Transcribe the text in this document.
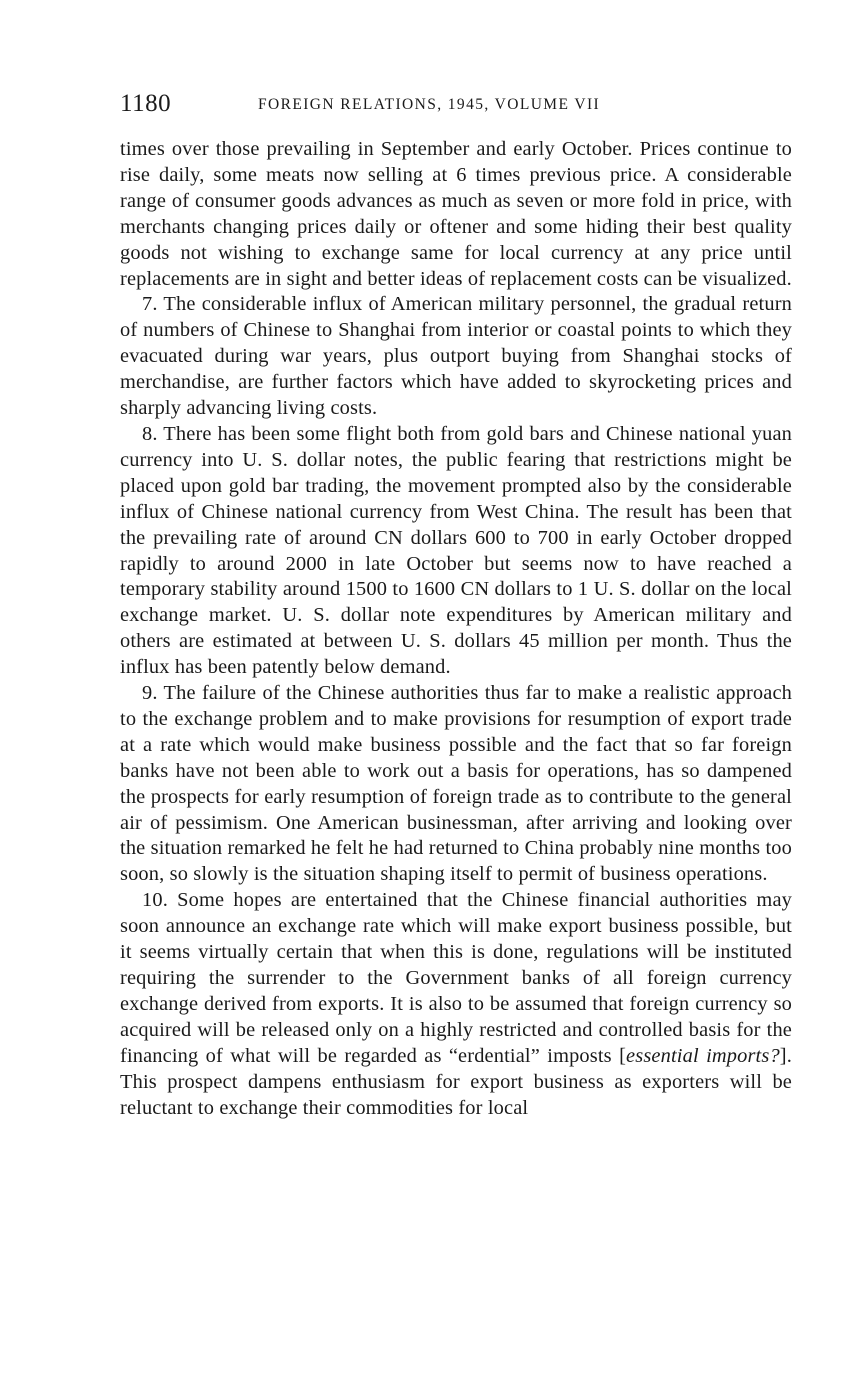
1180	FOREIGN RELATIONS, 1945, VOLUME VII

times over those prevailing in September and early October. Prices continue to rise daily, some meats now selling at 6 times previous price. A considerable range of consumer goods advances as much as seven or more fold in price, with merchants changing prices daily or oftener and some hiding their best quality goods not wishing to exchange same for local currency at any price until replacements are in sight and better ideas of replacement costs can be visualized.

7. The considerable influx of American military personnel, the gradual return of numbers of Chinese to Shanghai from interior or coastal points to which they evacuated during war years, plus outport buying from Shanghai stocks of merchandise, are further factors which have added to skyrocketing prices and sharply advancing living costs.

8. There has been some flight both from gold bars and Chinese national yuan currency into U. S. dollar notes, the public fearing that restrictions might be placed upon gold bar trading, the movement prompted also by the considerable influx of Chinese national currency from West China. The result has been that the prevailing rate of around CN dollars 600 to 700 in early October dropped rapidly to around 2000 in late October but seems now to have reached a temporary stability around 1500 to 1600 CN dollars to 1 U. S. dollar on the local exchange market. U. S. dollar note expenditures by American military and others are estimated at between U. S. dollars 45 million per month. Thus the influx has been patently below demand.

9. The failure of the Chinese authorities thus far to make a realistic approach to the exchange problem and to make provisions for resumption of export trade at a rate which would make business possible and the fact that so far foreign banks have not been able to work out a basis for operations, has so dampened the prospects for early resumption of foreign trade as to contribute to the general air of pessimism. One American businessman, after arriving and looking over the situation remarked he felt he had returned to China probably nine months too soon, so slowly is the situation shaping itself to permit of business operations.

10. Some hopes are entertained that the Chinese financial authorities may soon announce an exchange rate which will make export business possible, but it seems virtually certain that when this is done, regulations will be instituted requiring the surrender to the Government banks of all foreign currency exchange derived from exports. It is also to be assumed that foreign currency so acquired will be released only on a highly restricted and controlled basis for the financing of what will be regarded as “erdential” imposts [essential imports?]. This prospect dampens enthusiasm for export business as exporters will be reluctant to exchange their commodities for local
